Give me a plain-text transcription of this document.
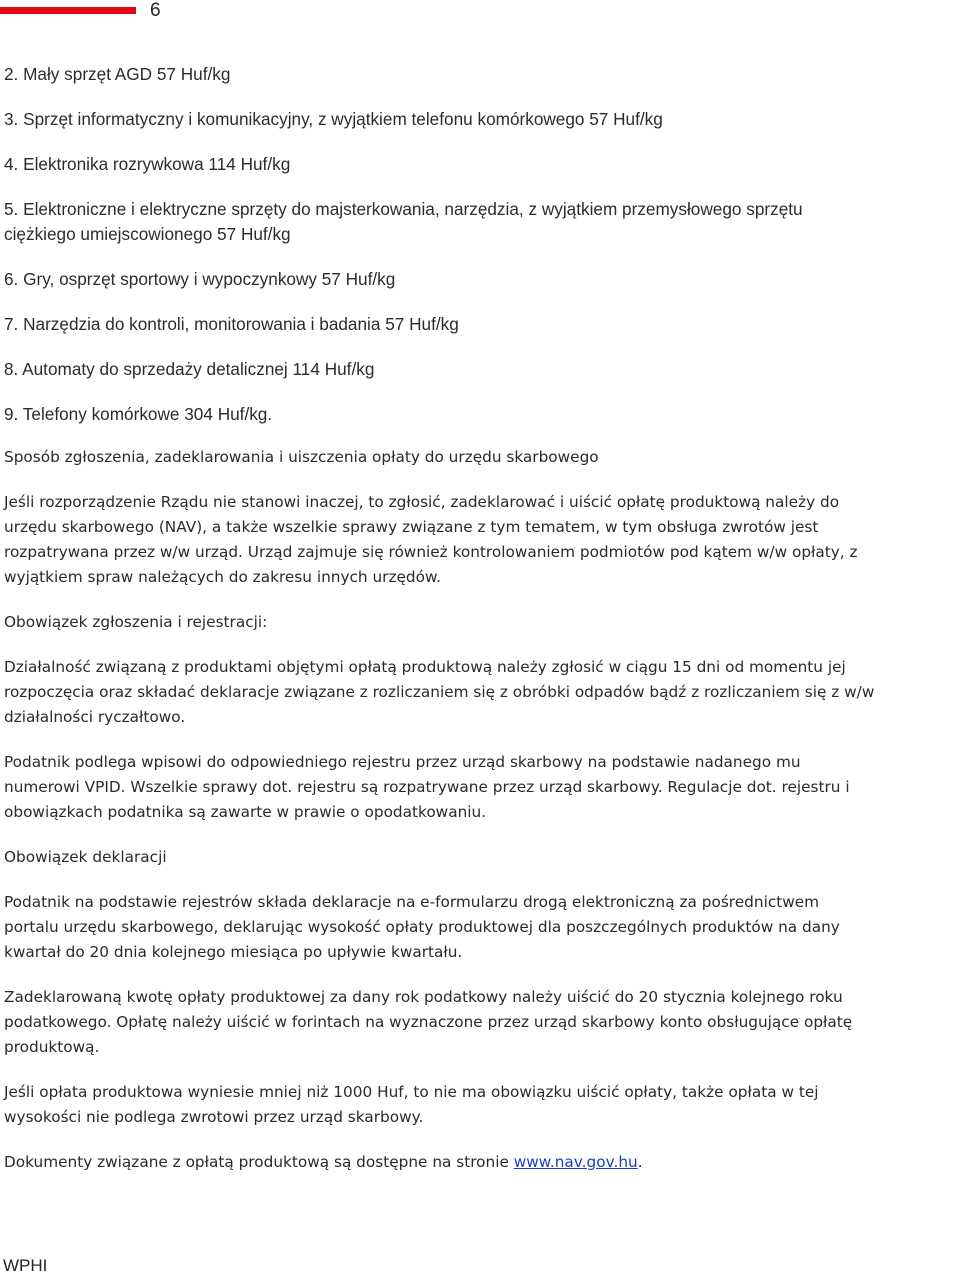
6
2. Mały sprzęt AGD 57 Huf/kg
3. Sprzęt informatyczny i komunikacyjny, z wyjątkiem telefonu komórkowego 57 Huf/kg
4. Elektronika rozrywkowa 114 Huf/kg
5. Elektroniczne i elektryczne sprzęty do majsterkowania, narzędzia, z wyjątkiem przemysłowego sprzętu
ciężkiego umiejscowionego 57 Huf/kg
6. Gry, osprzęt sportowy i wypoczynkowy 57 Huf/kg
7. Narzędzia do kontroli, monitorowania i badania 57 Huf/kg
8. Automaty do sprzedaży detalicznej 114 Huf/kg
9. Telefony komórkowe 304 Huf/kg.
Sposób zgłoszenia, zadeklarowania i uiszczenia opłaty do urzędu skarbowego
Jeśli rozporządzenie Rządu nie stanowi inaczej, to zgłosić, zadeklarować i uiścić opłatę produktową należy do
urzędu skarbowego (NAV), a także wszelkie sprawy związane z tym tematem, w tym obsługa zwrotów jest
rozpatrywana przez w/w urząd. Urząd zajmuje się również kontrolowaniem podmiotów pod kątem w/w opłaty, z
wyjątkiem spraw należących do zakresu innych urzędów.
Obowiązek zgłoszenia i rejestracji:
Działalność związaną z produktami objętymi opłatą produktową należy zgłosić w ciągu 15 dni od momentu jej
rozpoczęcia oraz składać deklaracje związane z rozliczaniem się z obróbki odpadów bądź z rozliczaniem się z w/w
działalności ryczałtowo.
Podatnik podlega wpisowi do odpowiedniego rejestru przez urząd skarbowy na podstawie nadanego mu
numerowi VPID. Wszelkie sprawy dot. rejestru są rozpatrywane przez urząd skarbowy. Regulacje dot. rejestru i
obowiązkach podatnika są zawarte w prawie o opodatkowaniu.
Obowiązek deklaracji
Podatnik na podstawie rejestrów składa deklaracje na e-formularzu drogą elektroniczną za pośrednictwem
portalu urzędu skarbowego, deklarując wysokość opłaty produktowej dla poszczególnych produktów na dany
kwartał do 20 dnia kolejnego miesiąca po upływie kwartału.
Zadeklarowaną kwotę opłaty produktowej za dany rok podatkowy należy uiścić do 20 stycznia kolejnego roku
podatkowego. Opłatę należy uiścić w forintach na wyznaczone przez urząd skarbowy konto obsługujące opłatę
produktową.
Jeśli opłata produktowa wyniesie mniej niż 1000 Huf, to nie ma obowiązku uiścić opłaty, także opłata w tej
wysokości nie podlega zwrotowi przez urząd skarbowy.
Dokumenty związane z opłatą produktową są dostępne na stronie www.nav.gov.hu.
WPHI
